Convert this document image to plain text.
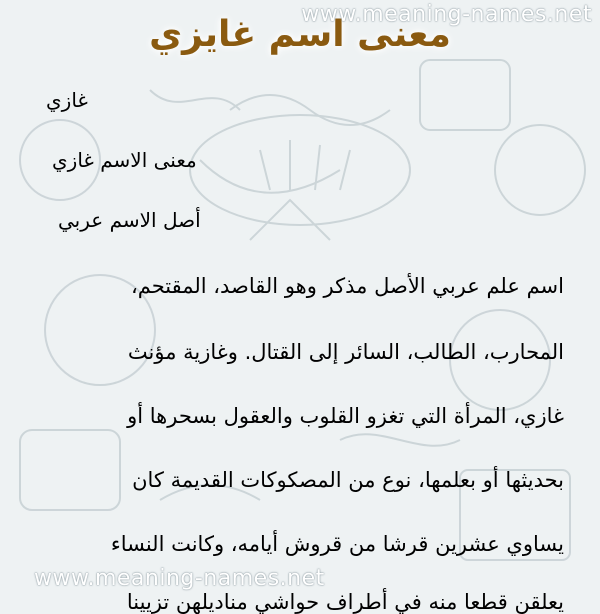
معنى اسم غايزي
www.meaning-names.net
غازي
معنى الاسم غازي
أصل الاسم عربي
اسم علم عربي الأصل مذكر وهو القاصد، المقتحم،
المحارب، الطالب، السائر إلى القتال. وغازية مؤنث
غازي، المرأة التي تغزو القلوب والعقول بسحرها أو
بحديثها أو بعلمها، نوع من المصكوكات القديمة كان
يساوي عشرين قرشا من قروش أيامه، وكانت النساء
يعلقن قطعا منه في أطراف حواشي مناديلهن تزيينا
www.meaning-names.net
